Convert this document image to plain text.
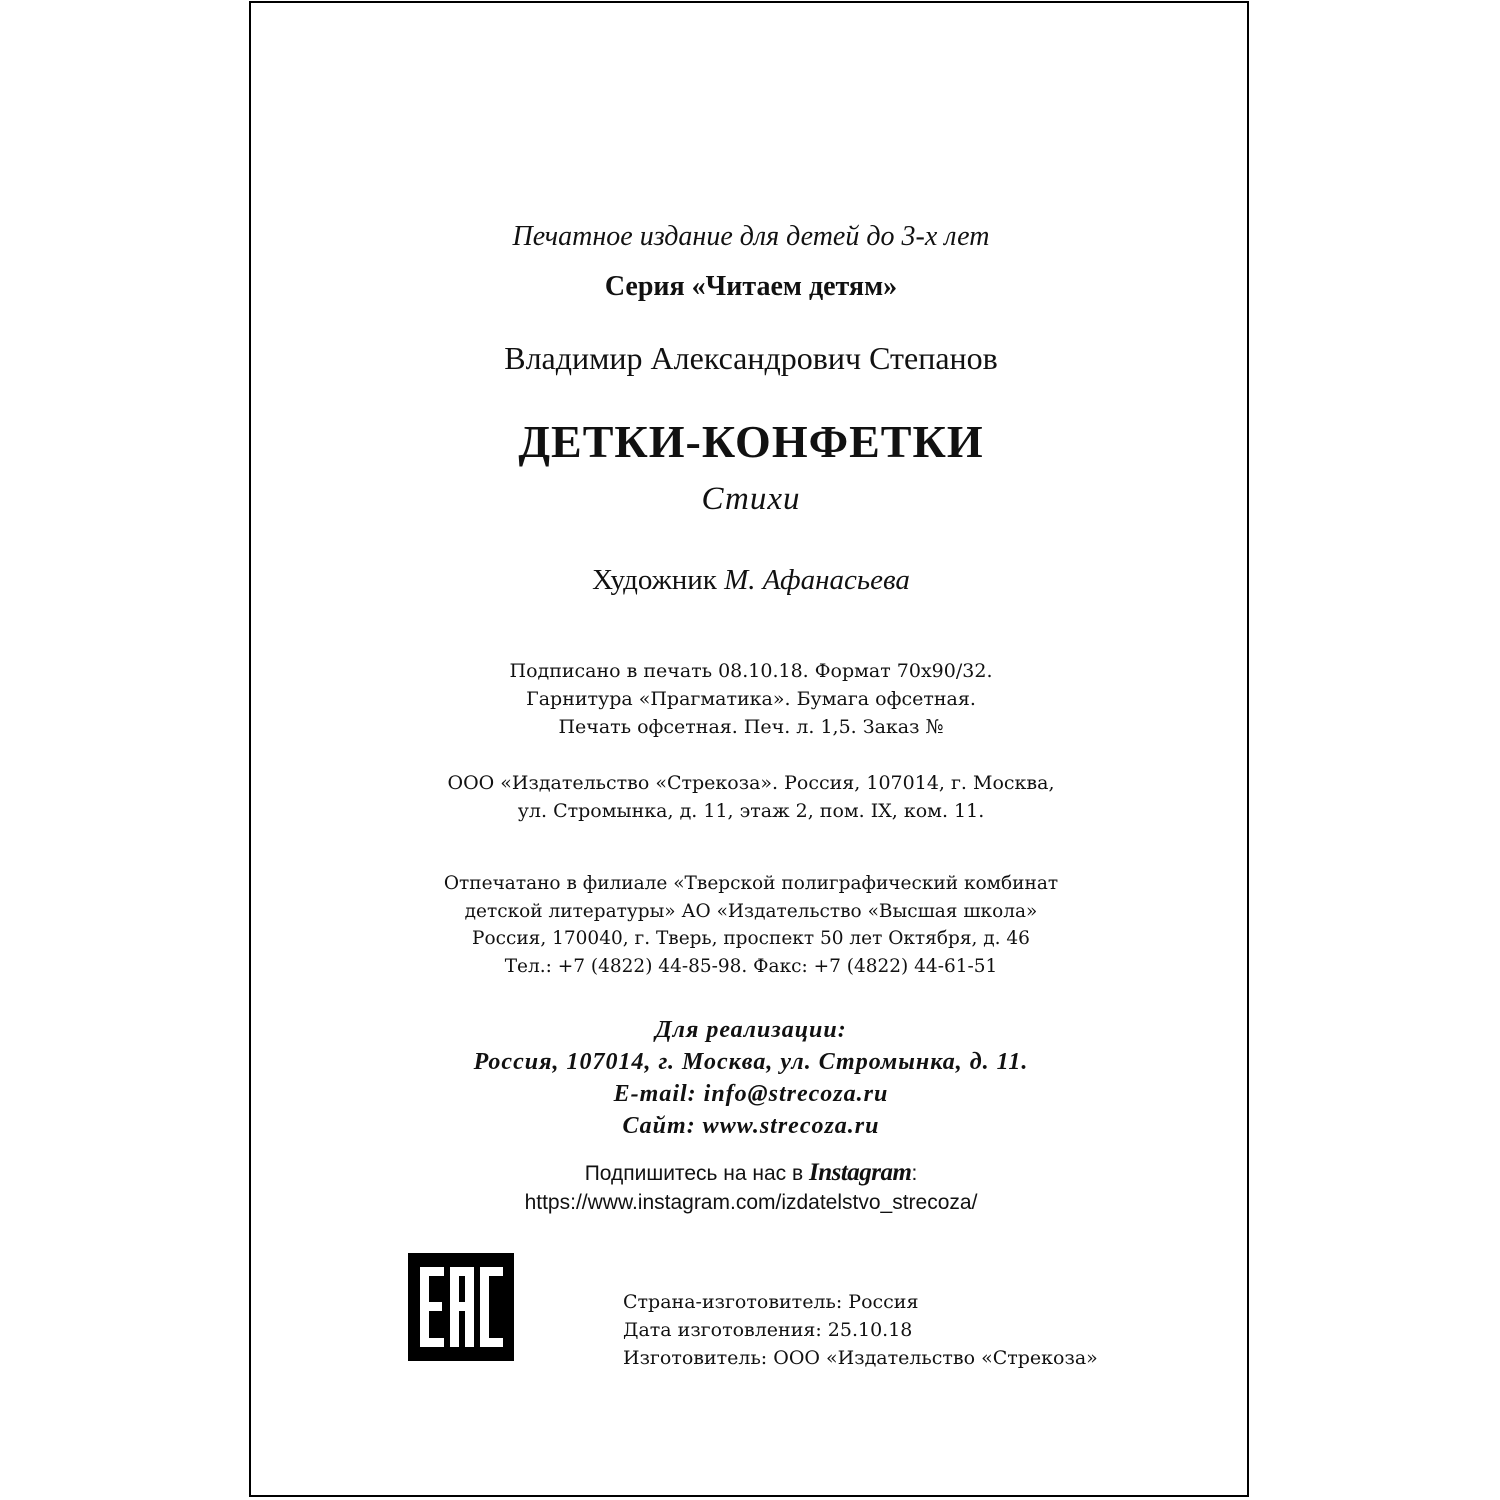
Печатное издание для детей до 3-х лет

Серия «Читаем детям»

Владимир Александрович Степанов

ДЕТКИ-КОНФЕТКИ

Стихи

Художник М. Афанасьева

Подписано в печать 08.10.18. Формат 70x90/32.
Гарнитура «Прагматика». Бумага офсетная.
Печать офсетная. Печ. л. 1,5. Заказ №

ООО «Издательство «Стрекоза». Россия, 107014, г. Москва,
ул. Стромынка, д. 11, этаж 2, пом. IX, ком. 11.

Отпечатано в филиале «Тверской полиграфический комбинат
детской литературы» АО «Издательство «Высшая школа»
Россия, 170040, г. Тверь, проспект 50 лет Октября, д. 46
Тел.: +7 (4822) 44-85-98. Факс: +7 (4822) 44-61-51

Для реализации:
Россия, 107014, г. Москва, ул. Стромынка, д. 11.
E-mail: info@strecoza.ru
Сайт: www.strecoza.ru

Подпишитесь на нас в Instagram:
https://www.instagram.com/izdatelstvo_strecoza/

Страна-изготовитель: Россия
Дата изготовления: 25.10.18
Изготовитель: ООО «Издательство «Стрекоза»
